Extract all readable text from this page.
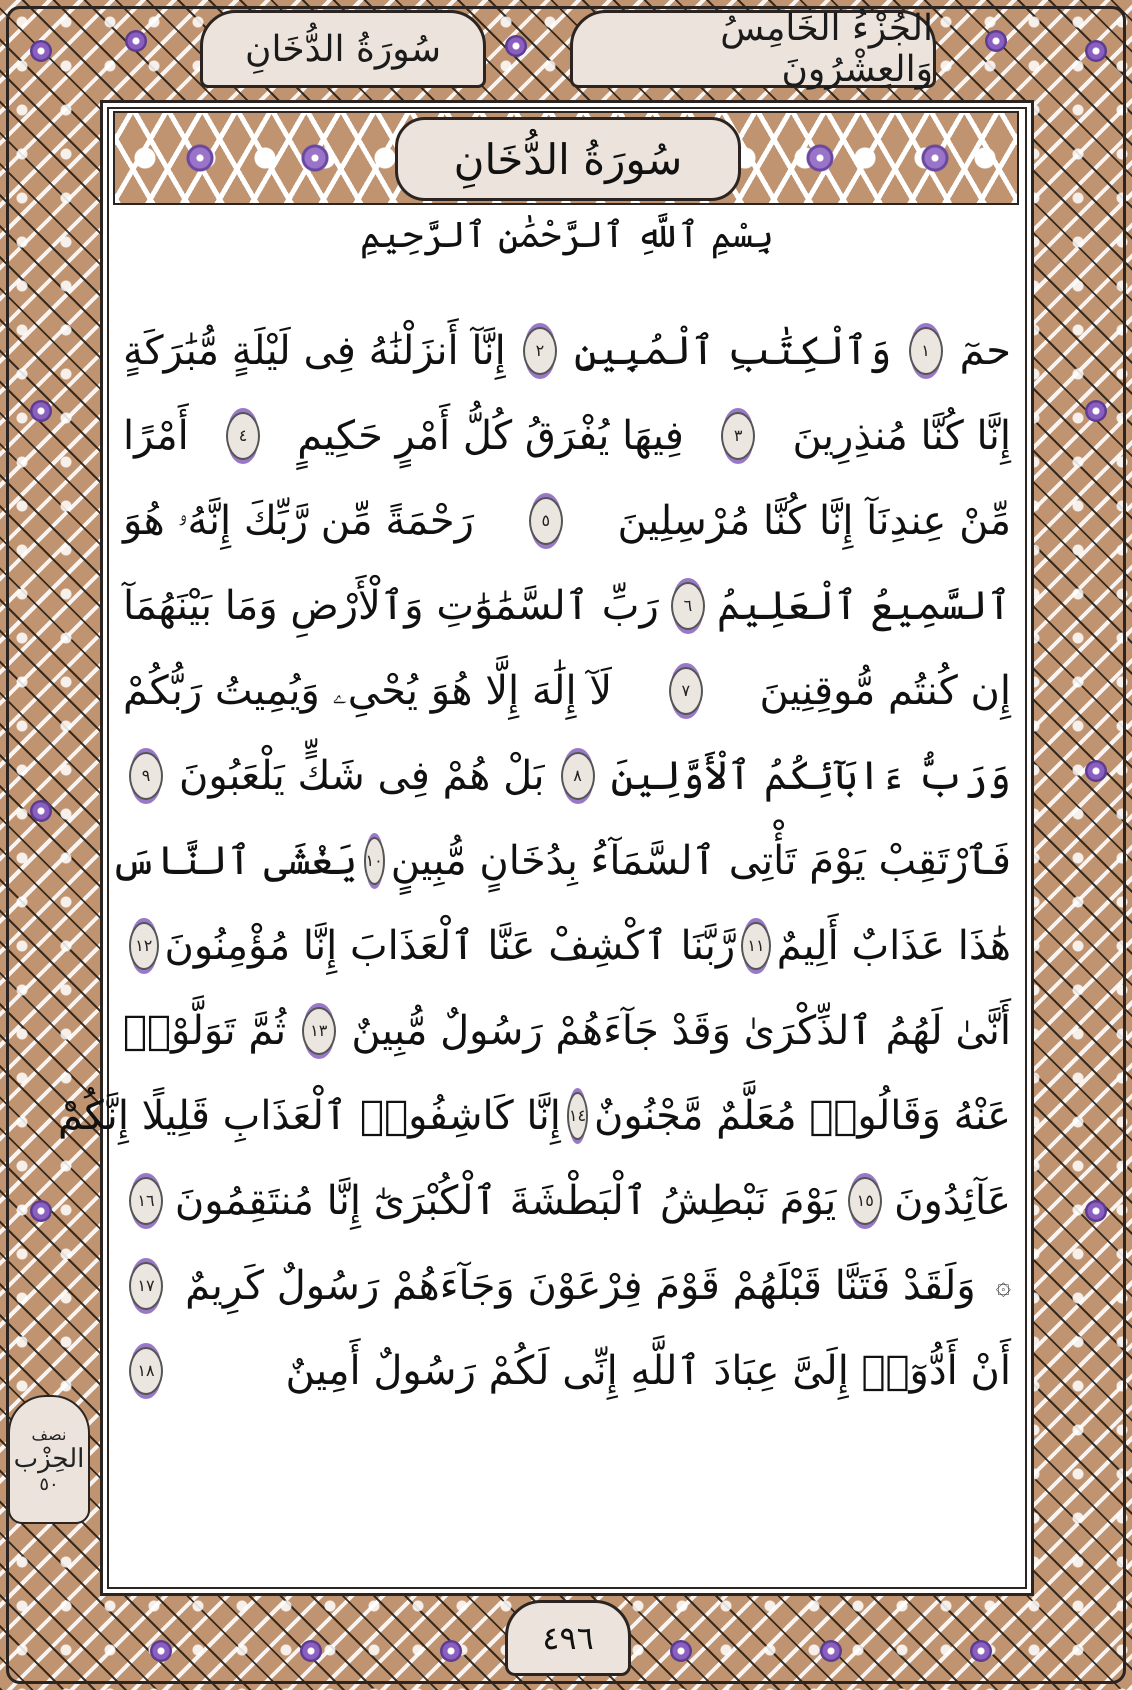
سُورَةُ الدُّخَانِ	الجُزْءُ الخَامِسُ وَالعِشْرُونَ
سُورَةُ الدُّخَانِ
بِسْمِ ٱللَّهِ ٱلرَّحْمَٰنِ ٱلرَّحِيمِ
حمٓ
١
وَٱلْكِتَٰبِ ٱلْمُبِينِ
٢
إِنَّآ أَنزَلْنَٰهُ فِى لَيْلَةٍ مُّبَٰرَكَةٍ
إِنَّا كُنَّا مُنذِرِينَ
٣
فِيهَا يُفْرَقُ كُلُّ أَمْرٍ حَكِيمٍ
٤
أَمْرًا
مِّنْ عِندِنَآ إِنَّا كُنَّا مُرْسِلِينَ
٥
رَحْمَةً مِّن رَّبِّكَ إِنَّهُۥ هُوَ
ٱلسَّمِيعُ ٱلْعَلِيمُ
٦
رَبِّ ٱلسَّمَٰوَٰتِ وَٱلْأَرْضِ وَمَا بَيْنَهُمَآ
إِن كُنتُم مُّوقِنِينَ
٧
لَآ إِلَٰهَ إِلَّا هُوَ يُحْىِۦ وَيُمِيتُ رَبُّكُمْ
وَرَبُّ ءَابَآئِكُمُ ٱلْأَوَّلِينَ
٨
بَلْ هُمْ فِى شَكٍّ يَلْعَبُونَ
٩
فَٱرْتَقِبْ يَوْمَ تَأْتِى ٱلسَّمَآءُ بِدُخَانٍ مُّبِينٍ
١٠
يَغْشَى ٱلنَّاسَ
هَٰذَا عَذَابٌ أَلِيمٌ
١١
رَّبَّنَا ٱكْشِفْ عَنَّا ٱلْعَذَابَ إِنَّا مُؤْمِنُونَ
١٢
أَنَّىٰ لَهُمُ ٱلذِّكْرَىٰ وَقَدْ جَآءَهُمْ رَسُولٌ مُّبِينٌ
١٣
ثُمَّ تَوَلَّوْا۟
عَنْهُ وَقَالُوا۟ مُعَلَّمٌ مَّجْنُونٌ
١٤
إِنَّا كَاشِفُوا۟ ٱلْعَذَابِ قَلِيلًا إِنَّكُمْ
عَآئِدُونَ
١٥
يَوْمَ نَبْطِشُ ٱلْبَطْشَةَ ٱلْكُبْرَىٰٓ إِنَّا مُنتَقِمُونَ
١٦
۞
وَلَقَدْ فَتَنَّا قَبْلَهُمْ قَوْمَ فِرْعَوْنَ وَجَآءَهُمْ رَسُولٌ كَرِيمٌ
١٧
أَنْ أَدُّوٓا۟ إِلَىَّ عِبَادَ ٱللَّهِ إِنِّى لَكُمْ رَسُولٌ أَمِينٌ
١٨
نصف
الحِزْب
٥٠
٤٩٦
